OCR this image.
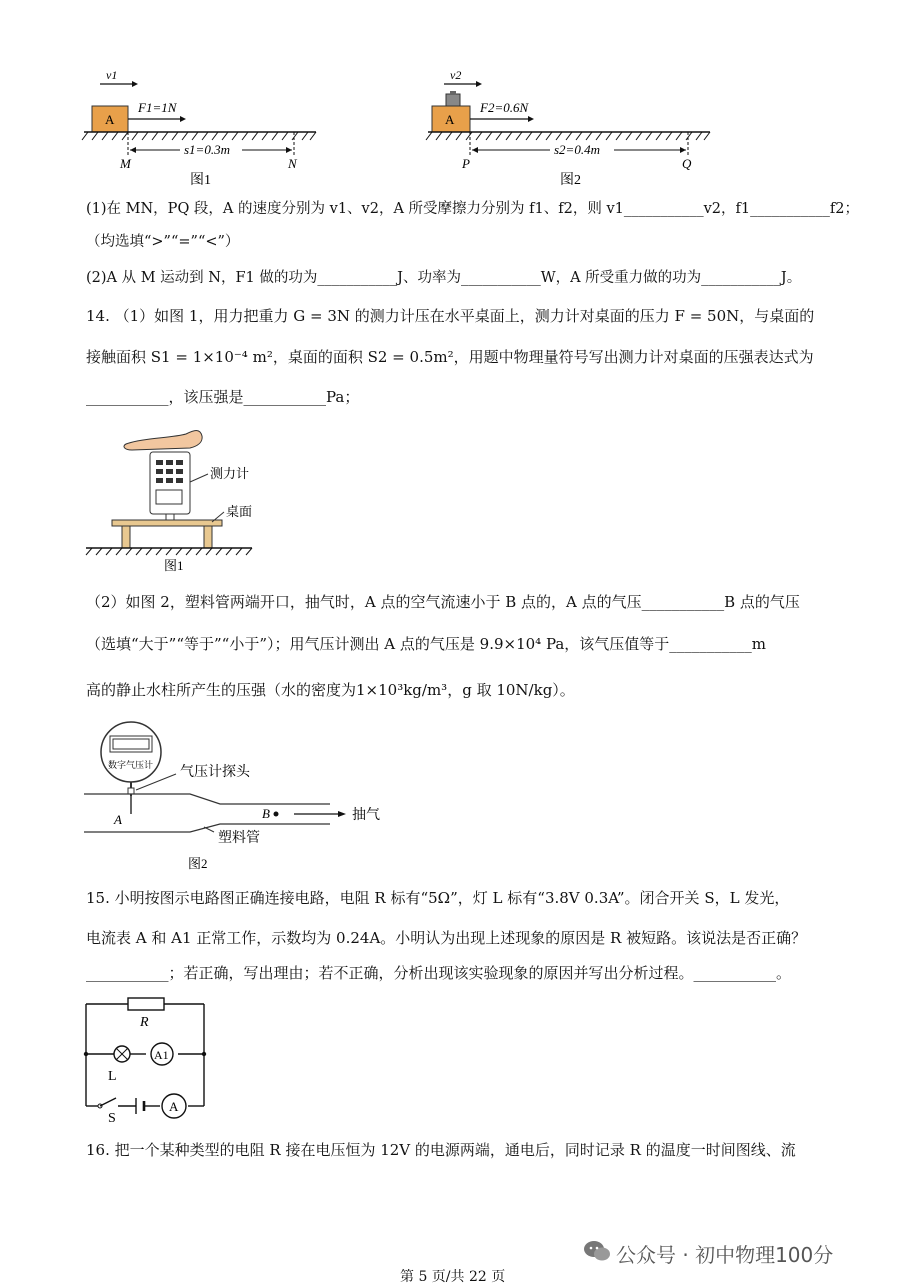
v1
A
F1=1N
s1=0.3m
M	N
图1
v2
A
F2=0.6N
s2=0.4m
P	Q
图2
(1)在 MN，PQ 段，A 的速度分别为 v1、v2，A 所受摩擦力分别为 f1、f2，则 v1___________v2，f1___________f2；
（均选填“>”“=”“<”）
(2)A 从 M 运动到 N，F1 做的功为___________J、功率为___________W，A 所受重力做的功为___________J。
14. （1）如图 1，用力把重力 G = 3N 的测力计压在水平桌面上，测力计对桌面的压力 F = 50N，与桌面的
接触面积 S1 = 1×10⁻⁴ m²，桌面的面积 S2 = 0.5m²，用题中物理量符号写出测力计对桌面的压强表达式为
___________，该压强是___________Pa；
测力计
桌面
图1
（2）如图 2，塑料管两端开口，抽气时，A 点的空气流速小于 B 点的，A 点的气压___________B 点的气压
（选填“大于”“等于”“小于”）；用气压计测出 A 点的气压是 9.9×10⁴ Pa，该气压值等于___________m
高的静止水柱所产生的压强（水的密度为1×10³kg/m³，g 取 10N/kg）。
数字气压计 气压计探头
A	B	抽气
塑料管
图2
15. 小明按图示电路图正确连接电路，电阻 R 标有“5Ω”，灯 L 标有“3.8V 0.3A”。闭合开关 S，L 发光，
电流表 A 和 A1 正常工作，示数均为 0.24A。小明认为出现上述现象的原因是 R 被短路。该说法是否正确？
___________；若正确，写出理由；若不正确，分析出现该实验现象的原因并写出分析过程。___________。
R
L
A1
S
A
16. 把一个某种类型的电阻 R 接在电压恒为 12V 的电源两端，通电后，同时记录 R 的温度一时间图线、流
公众号 · 初中物理100分
第 5 页/共 22 页
